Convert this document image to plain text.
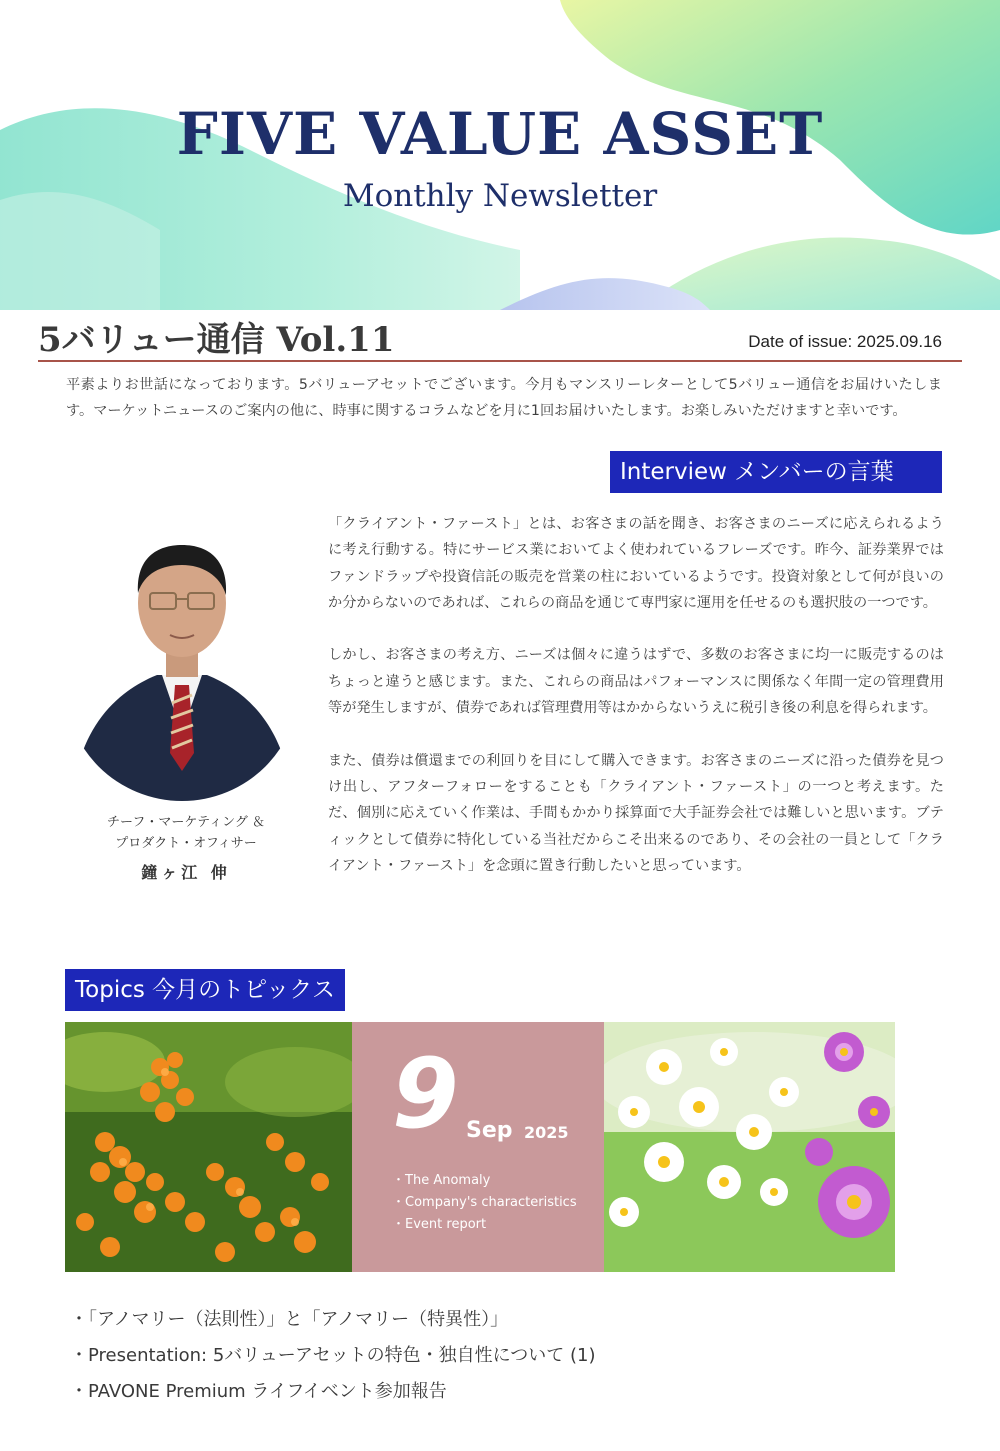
FIVE VALUE ASSET
Monthly Newsletter
5バリュー通信 Vol.11	Date of issue: 2025.09.16

平素よりお世話になっております。5バリューアセットでございます。今月もマンスリーレターとして5バリュー通信をお届けいたします。マーケットニュースのご案内の他に、時事に関するコラムなどを月に1回お届けいたします。お楽しみいただけますと幸いです。

Interview メンバーの言葉
チーフ・マーケティング ＆
プロダクト・オフィサー
鐘ヶ江 伸

「クライアント・ファースト」とは、お客さまの話を聞き、お客さまのニーズに応えられるように考え行動する。特にサービス業においてよく使われているフレーズです。昨今、証券業界ではファンドラップや投資信託の販売を営業の柱においているようです。投資対象として何が良いのか分からないのであれば、これらの商品を通じて専門家に運用を任せるのも選択肢の一つです。

しかし、お客さまの考え方、ニーズは個々に違うはずで、多数のお客さまに均一に販売するのはちょっと違うと感じます。また、これらの商品はパフォーマンスに関係なく年間一定の管理費用等が発生しますが、債券であれば管理費用等はかからないうえに税引き後の利息を得られます。

また、債券は償還までの利回りを目にして購入できます。お客さまのニーズに沿った債券を見つけ出し、アフターフォローをすることも「クライアント・ファースト」の一つと考えます。ただ、個別に応えていく作業は、手間もかかり採算面で大手証券会社では難しいと思います。ブティックとして債券に特化している当社だからこそ出来るのであり、その会社の一員として「クライアント・ファースト」を念頭に置き行動したいと思っています。

Topics 今月のトピックス
9 Sep 2025
・ The Anomaly
・ Company's characteristics
・ Event report
・ 「アノマリー（法則性）」と「アノマリー（特異性）」
・ Presentation: 5バリューアセットの特色・独自性について (1)
・ PAVONE Premium ライフイベント参加報告
